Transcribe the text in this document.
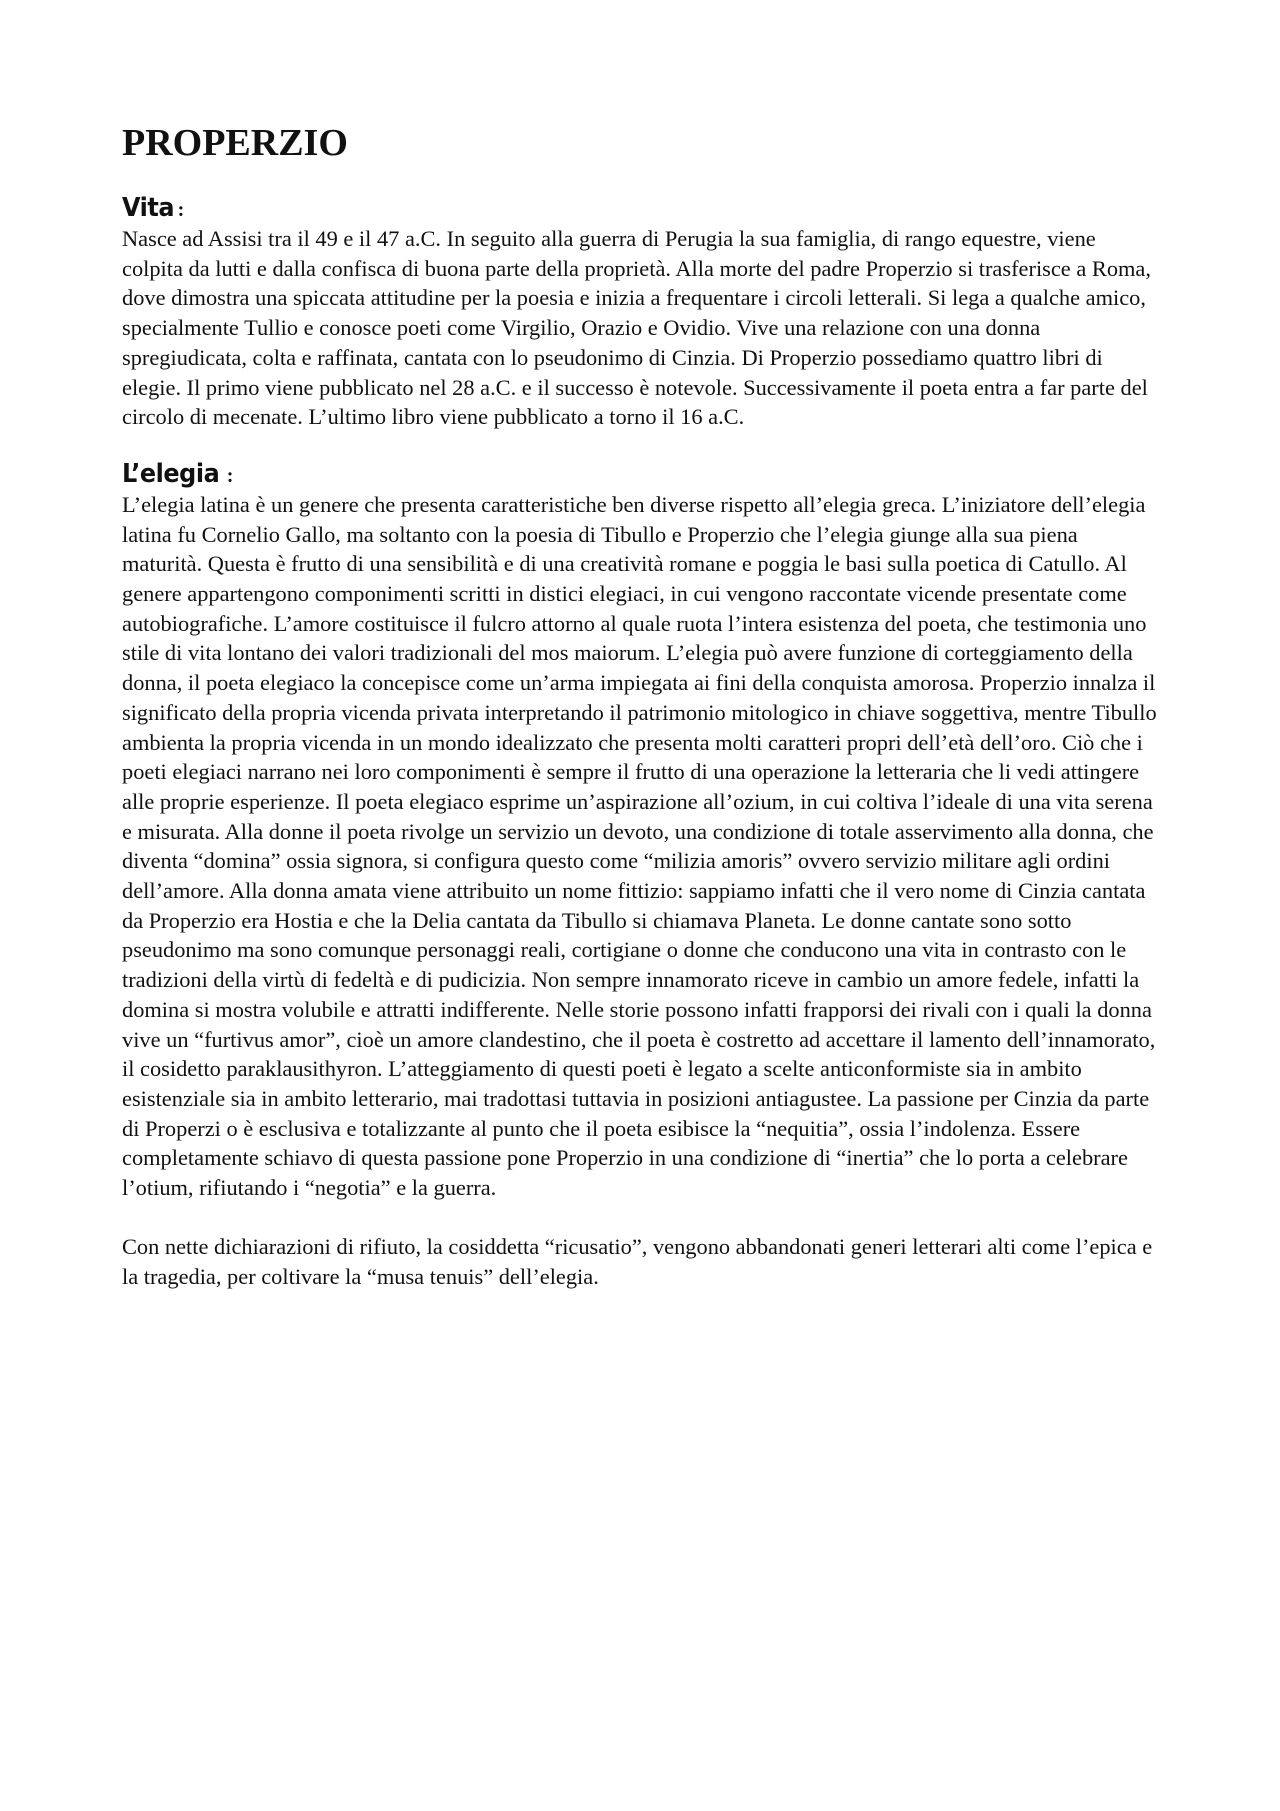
PROPERZIO
Vita :

Nasce ad Assisi tra il 49 e il 47 a.C. In seguito alla guerra di Perugia la sua famiglia, di rango equestre, viene colpita da lutti e dalla confisca di buona parte della proprietà. Alla morte del padre Properzio si trasferisce a Roma, dove dimostra una spiccata attitudine per la poesia e inizia a frequentare i circoli letterali. Si lega a qualche amico, specialmente Tullio e conosce poeti come Virgilio, Orazio e Ovidio. Vive una relazione con una donna spregiudicata, colta e raffinata, cantata con lo pseudonimo di Cinzia. Di Properzio possediamo quattro libri di elegie. Il primo viene pubblicato nel 28 a.C. e il successo è notevole. Successivamente il poeta entra a far parte del circolo di mecenate. L’ultimo libro viene pubblicato a torno il 16 a.C.

L’elegia :

L’elegia latina è un genere che presenta caratteristiche ben diverse rispetto all’elegia greca. L’iniziatore dell’elegia latina fu Cornelio Gallo, ma soltanto con la poesia di Tibullo e Properzio che l’elegia giunge alla sua piena maturità. Questa è frutto di una sensibilità e di una creatività romane e poggia le basi sulla poetica di Catullo. Al genere appartengono componimenti scritti in distici elegiaci, in cui vengono raccontate vicende presentate come autobiografiche. L’amore costituisce il fulcro attorno al quale ruota l’intera esistenza del poeta, che testimonia uno stile di vita lontano dei valori tradizionali del mos maiorum. L’elegia può avere funzione di corteggiamento della donna, il poeta elegiaco la concepisce come un’arma impiegata ai fini della conquista amorosa. Properzio innalza il significato della propria vicenda privata interpretando il patrimonio mitologico in chiave soggettiva, mentre Tibullo ambienta la propria vicenda in un mondo idealizzato che presenta molti caratteri propri dell’età dell’oro. Ciò che i poeti elegiaci narrano nei loro componimenti è sempre il frutto di una operazione la letteraria che li vedi attingere alle proprie esperienze. Il poeta elegiaco esprime un’aspirazione all’ozium, in cui coltiva l’ideale di una vita serena e misurata. Alla donne il poeta rivolge un servizio un devoto, una condizione di totale asservimento alla donna, che diventa “domina” ossia signora, si configura questo come “milizia amoris” ovvero servizio militare agli ordini dell’amore. Alla donna amata viene attribuito un nome fittizio: sappiamo infatti che il vero nome di Cinzia cantata da Properzio era Hostia e che la Delia cantata da Tibullo si chiamava Planeta. Le donne cantate sono sotto pseudonimo ma sono comunque personaggi reali, cortigiane o donne che conducono una vita in contrasto con le tradizioni della virtù di fedeltà e di pudicizia. Non sempre innamorato riceve in cambio un amore fedele, infatti la domina si mostra volubile e attratti indifferente. Nelle storie possono infatti frapporsi dei rivali con i quali la donna vive un “furtivus amor”, cioè un amore clandestino, che il poeta è costretto ad accettare il lamento dell’innamorato, il cosidetto paraklausithyron. L’atteggiamento di questi poeti è legato a scelte anticonformiste sia in ambito esistenziale sia in ambito letterario, mai tradottasi tuttavia in posizioni antiagustee. La passione per Cinzia da parte di Properzi o è esclusiva e totalizzante al punto che il poeta esibisce la “nequitia”, ossia l’indolenza. Essere completamente schiavo di questa passione pone Properzio in una condizione di “inertia” che lo porta a celebrare l’otium, rifiutando i “negotia” e la guerra.

Con nette dichiarazioni di rifiuto, la cosiddetta “ricusatio”, vengono abbandonati generi letterari alti come l’epica e la tragedia, per coltivare la “musa tenuis” dell’elegia.
